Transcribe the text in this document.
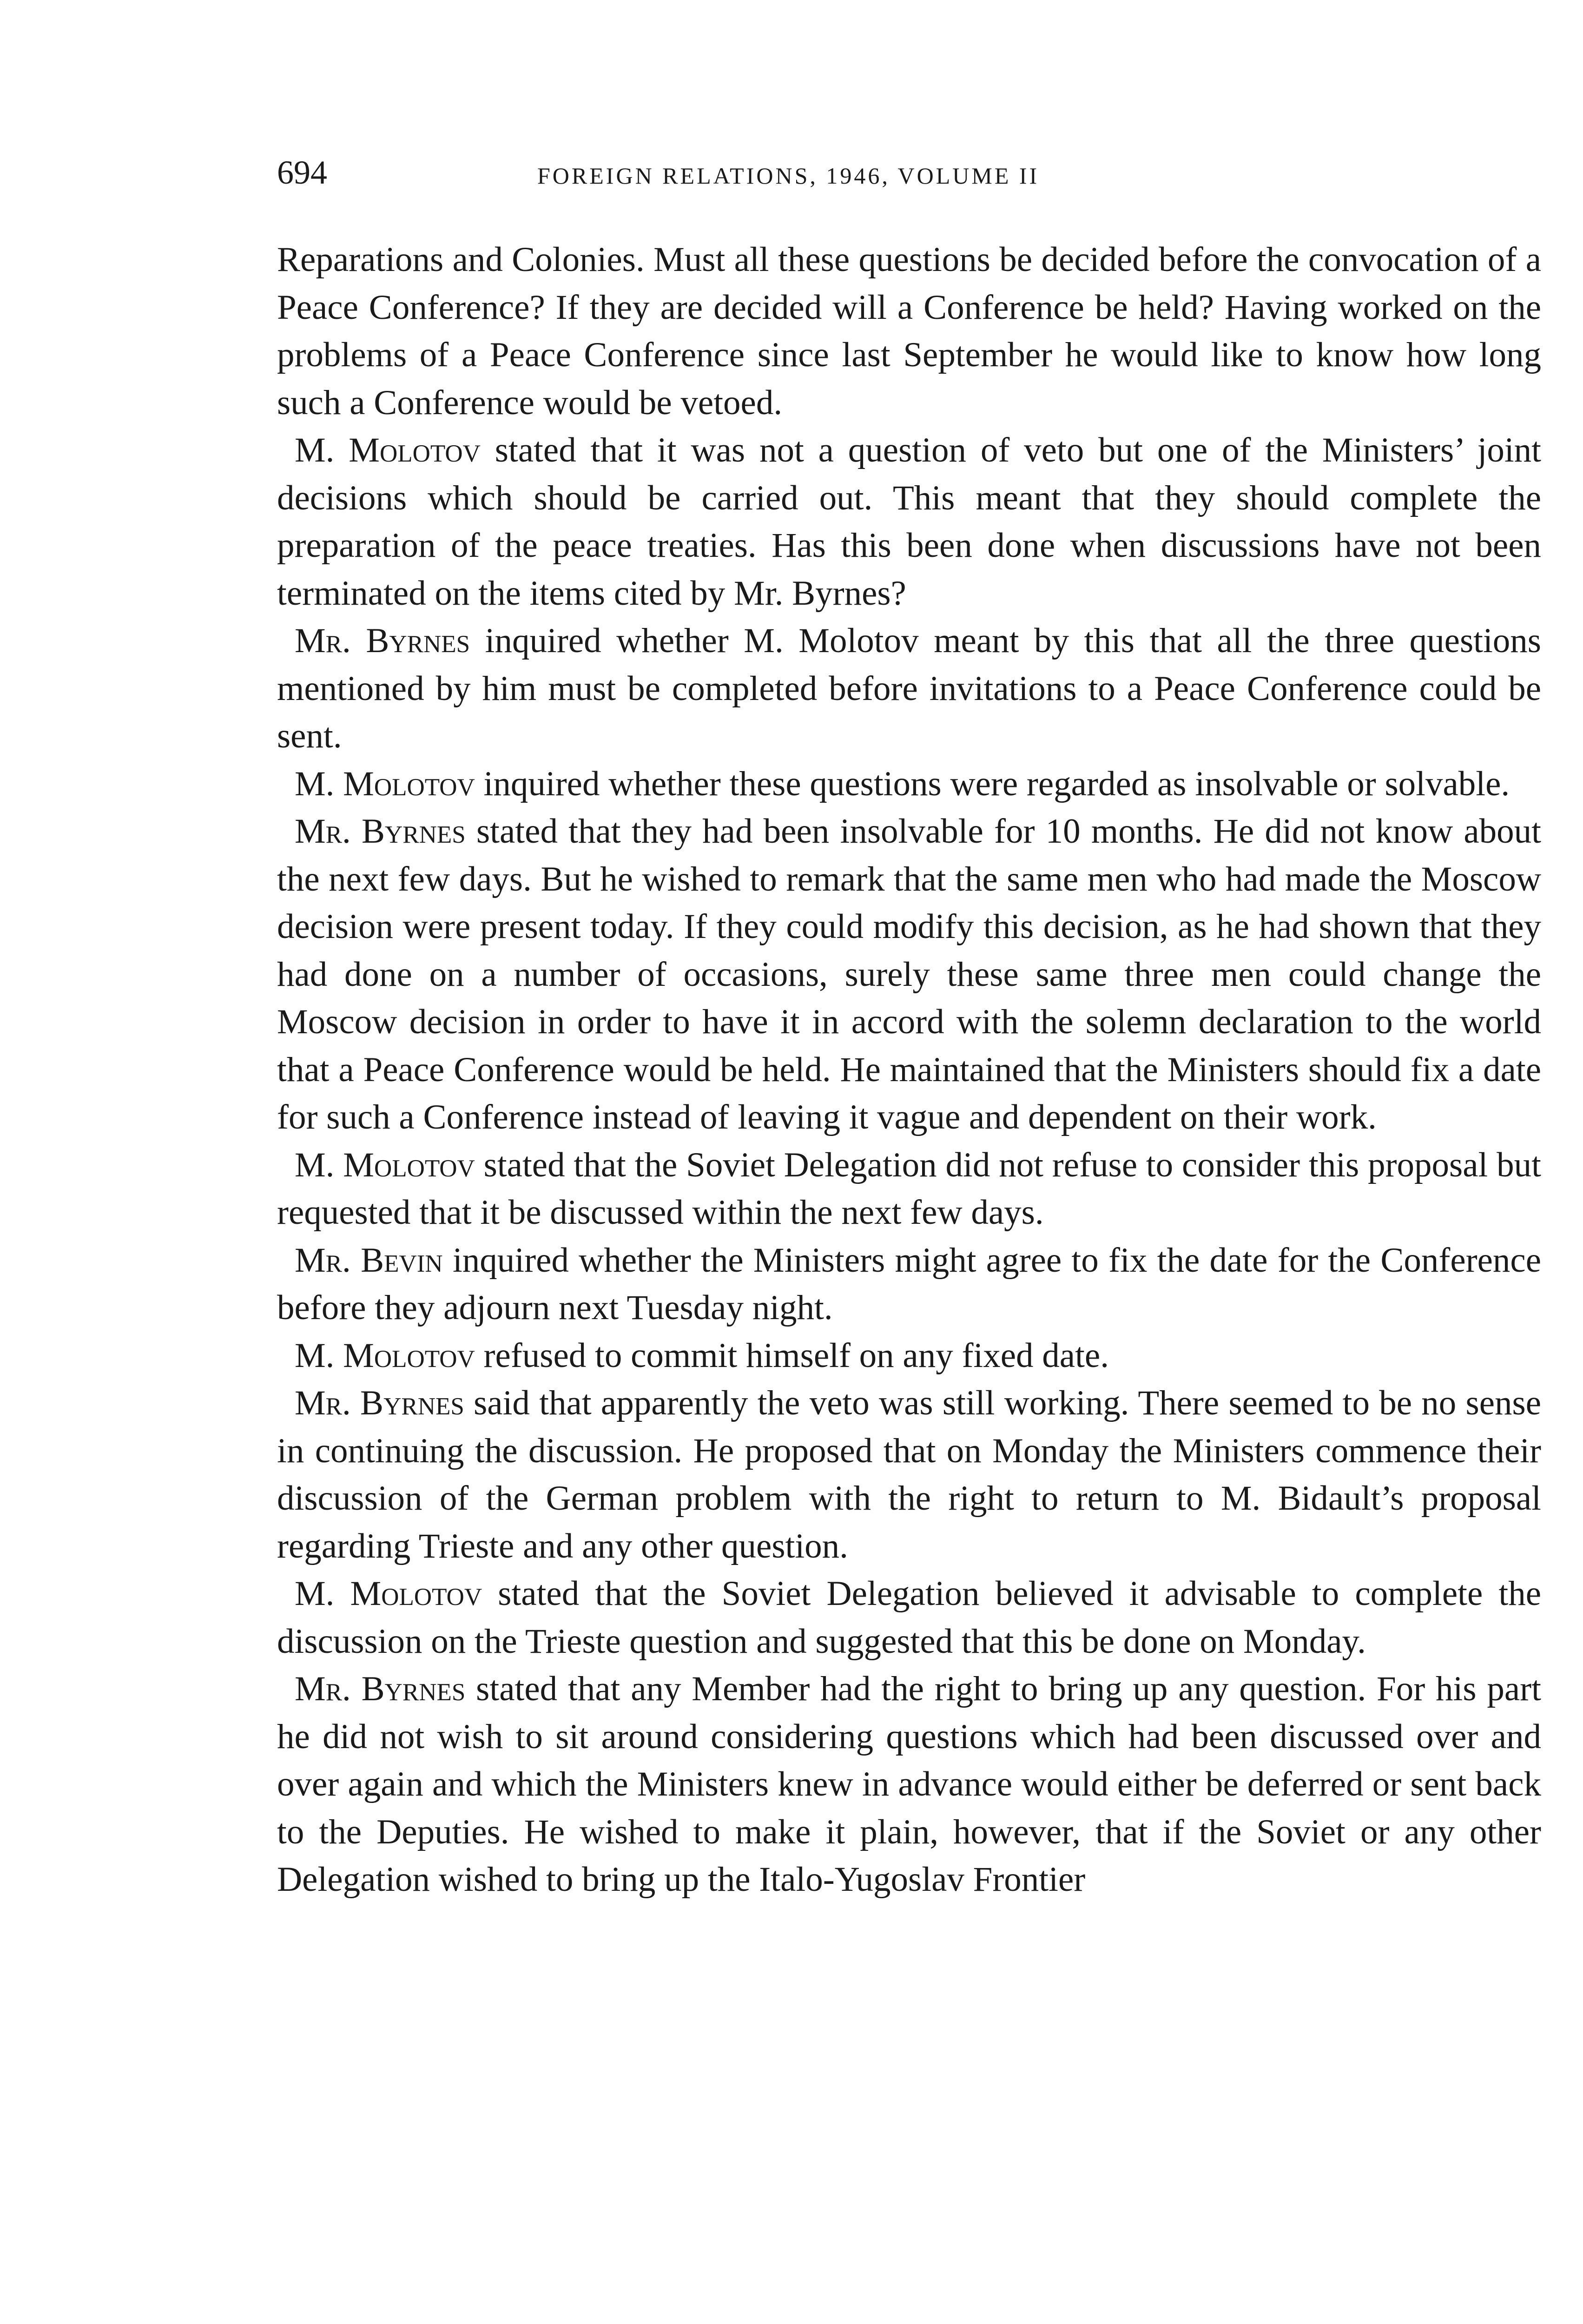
694	FOREIGN RELATIONS, 1946, VOLUME II

Reparations and Colonies. Must all these questions be decided before the convocation of a Peace Conference? If they are decided will a Conference be held? Having worked on the problems of a Peace Conference since last September he would like to know how long such a Conference would be vetoed.

M. Molotov stated that it was not a question of veto but one of the Ministers’ joint decisions which should be carried out. This meant that they should complete the preparation of the peace treaties. Has this been done when discussions have not been terminated on the items cited by Mr. Byrnes?

Mr. Byrnes inquired whether M. Molotov meant by this that all the three questions mentioned by him must be completed before invitations to a Peace Conference could be sent.

M. Molotov inquired whether these questions were regarded as insolvable or solvable.

Mr. Byrnes stated that they had been insolvable for 10 months. He did not know about the next few days. But he wished to remark that the same men who had made the Moscow decision were present today. If they could modify this decision, as he had shown that they had done on a number of occasions, surely these same three men could change the Moscow decision in order to have it in accord with the solemn declaration to the world that a Peace Conference would be held. He maintained that the Ministers should fix a date for such a Conference instead of leaving it vague and dependent on their work.

M. Molotov stated that the Soviet Delegation did not refuse to consider this proposal but requested that it be discussed within the next few days.

Mr. Bevin inquired whether the Ministers might agree to fix the date for the Conference before they adjourn next Tuesday night.

M. Molotov refused to commit himself on any fixed date.

Mr. Byrnes said that apparently the veto was still working. There seemed to be no sense in continuing the discussion. He proposed that on Monday the Ministers commence their discussion of the German problem with the right to return to M. Bidault’s proposal regarding Trieste and any other question.

M. Molotov stated that the Soviet Delegation believed it advisable to complete the discussion on the Trieste question and suggested that this be done on Monday.

Mr. Byrnes stated that any Member had the right to bring up any question. For his part he did not wish to sit around considering questions which had been discussed over and over again and which the Ministers knew in advance would either be deferred or sent back to the Deputies. He wished to make it plain, however, that if the Soviet or any other Delegation wished to bring up the Italo-Yugoslav Frontier
